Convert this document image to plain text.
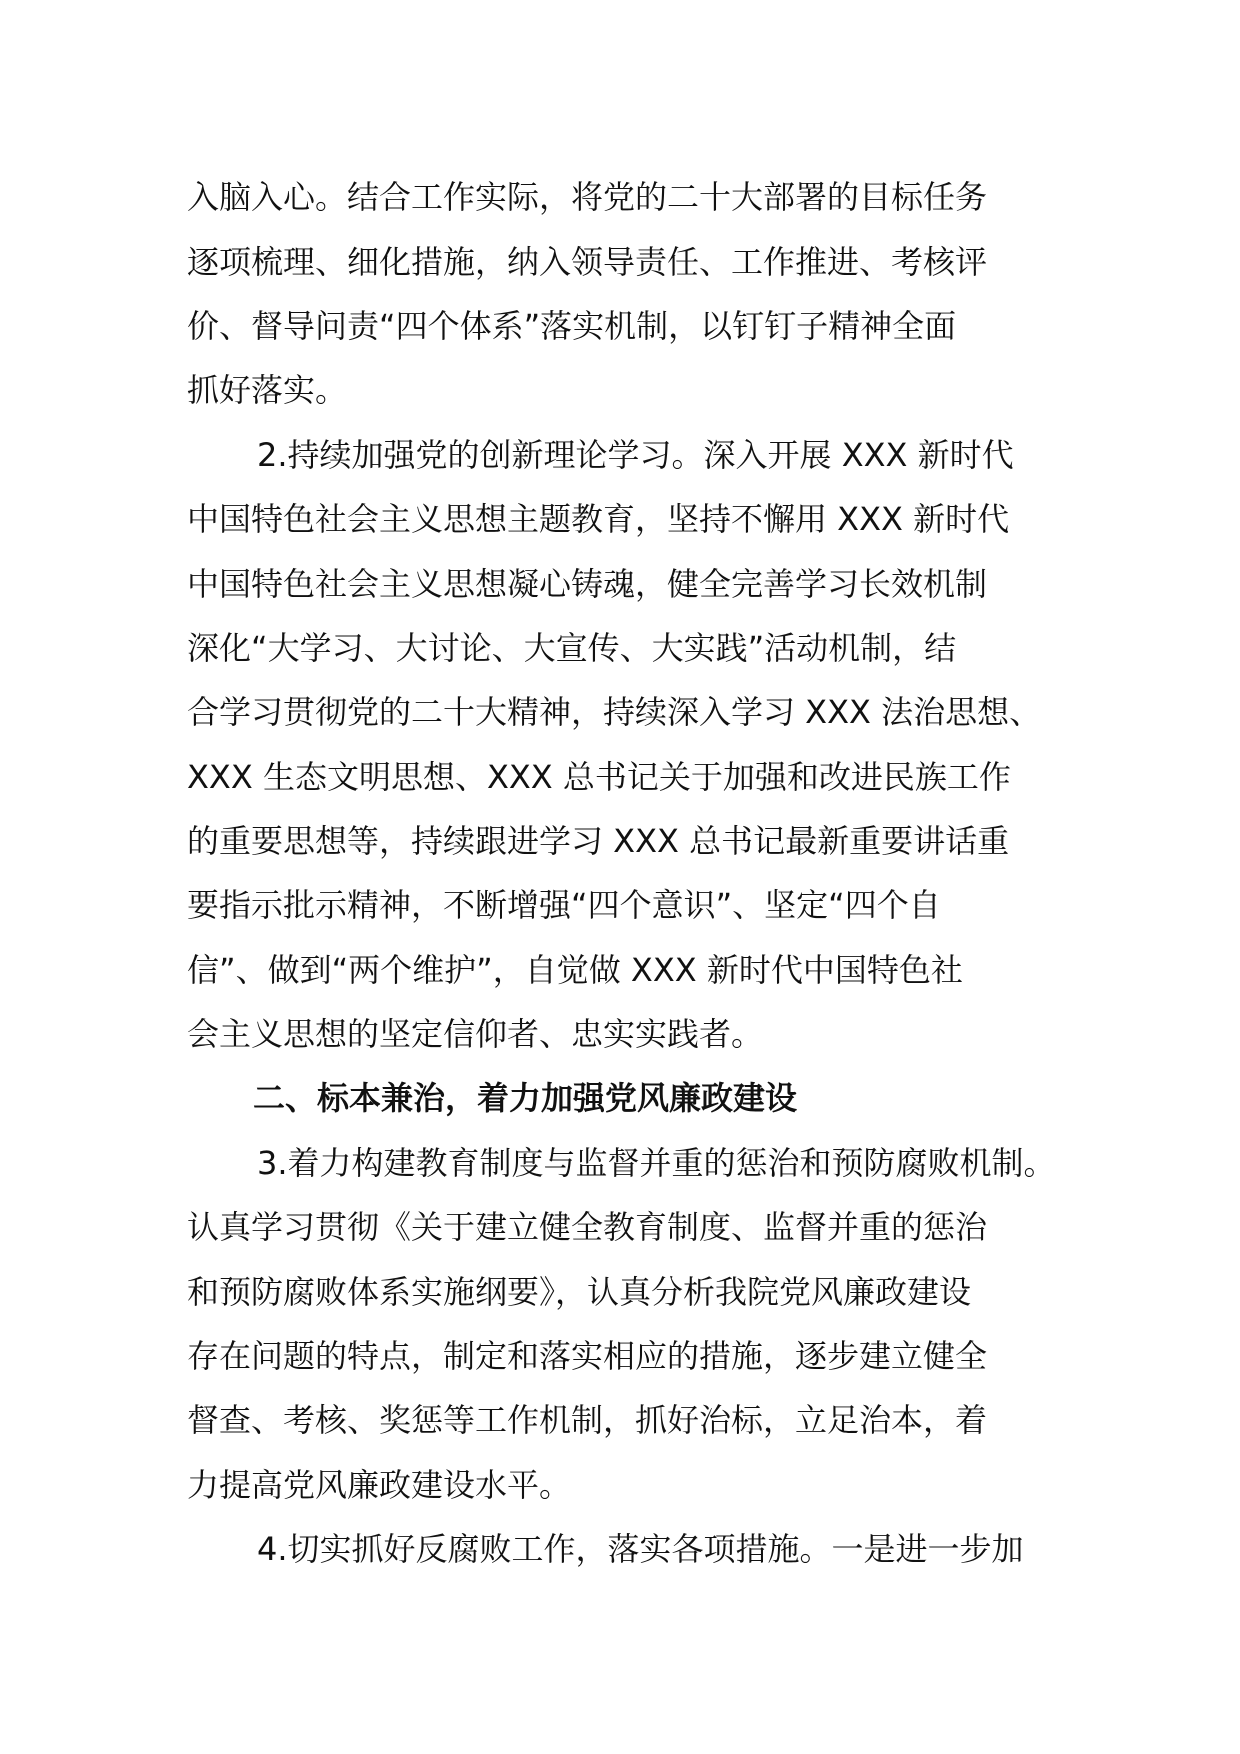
入脑入心。结合工作实际，将党的二十大部署的目标任务
逐项梳理、细化措施，纳入领导责任、工作推进、考核评
价、督导问责“四个体系”落实机制，以钉钉子精神全面
抓好落实。
2.持续加强党的创新理论学习。深入开展 XXX 新时代
中国特色社会主义思想主题教育，坚持不懈用 XXX 新时代
中国特色社会主义思想凝心铸魂，健全完善学习长效机制
深化“大学习、大讨论、大宣传、大实践”活动机制，结
合学习贯彻党的二十大精神，持续深入学习 XXX 法治思想、
XXX 生态文明思想、XXX 总书记关于加强和改进民族工作
的重要思想等，持续跟进学习 XXX 总书记最新重要讲话重
要指示批示精神，不断增强“四个意识”、坚定“四个自
信”、做到“两个维护”，自觉做 XXX 新时代中国特色社
会主义思想的坚定信仰者、忠实实践者。
二、标本兼治，着力加强党风廉政建设
3.着力构建教育制度与监督并重的惩治和预防腐败机制。
认真学习贯彻《关于建立健全教育制度、监督并重的惩治
和预防腐败体系实施纲要》，认真分析我院党风廉政建设
存在问题的特点，制定和落实相应的措施，逐步建立健全
督查、考核、奖惩等工作机制，抓好治标，立足治本，着
力提高党风廉政建设水平。
4.切实抓好反腐败工作，落实各项措施。一是进一步加
